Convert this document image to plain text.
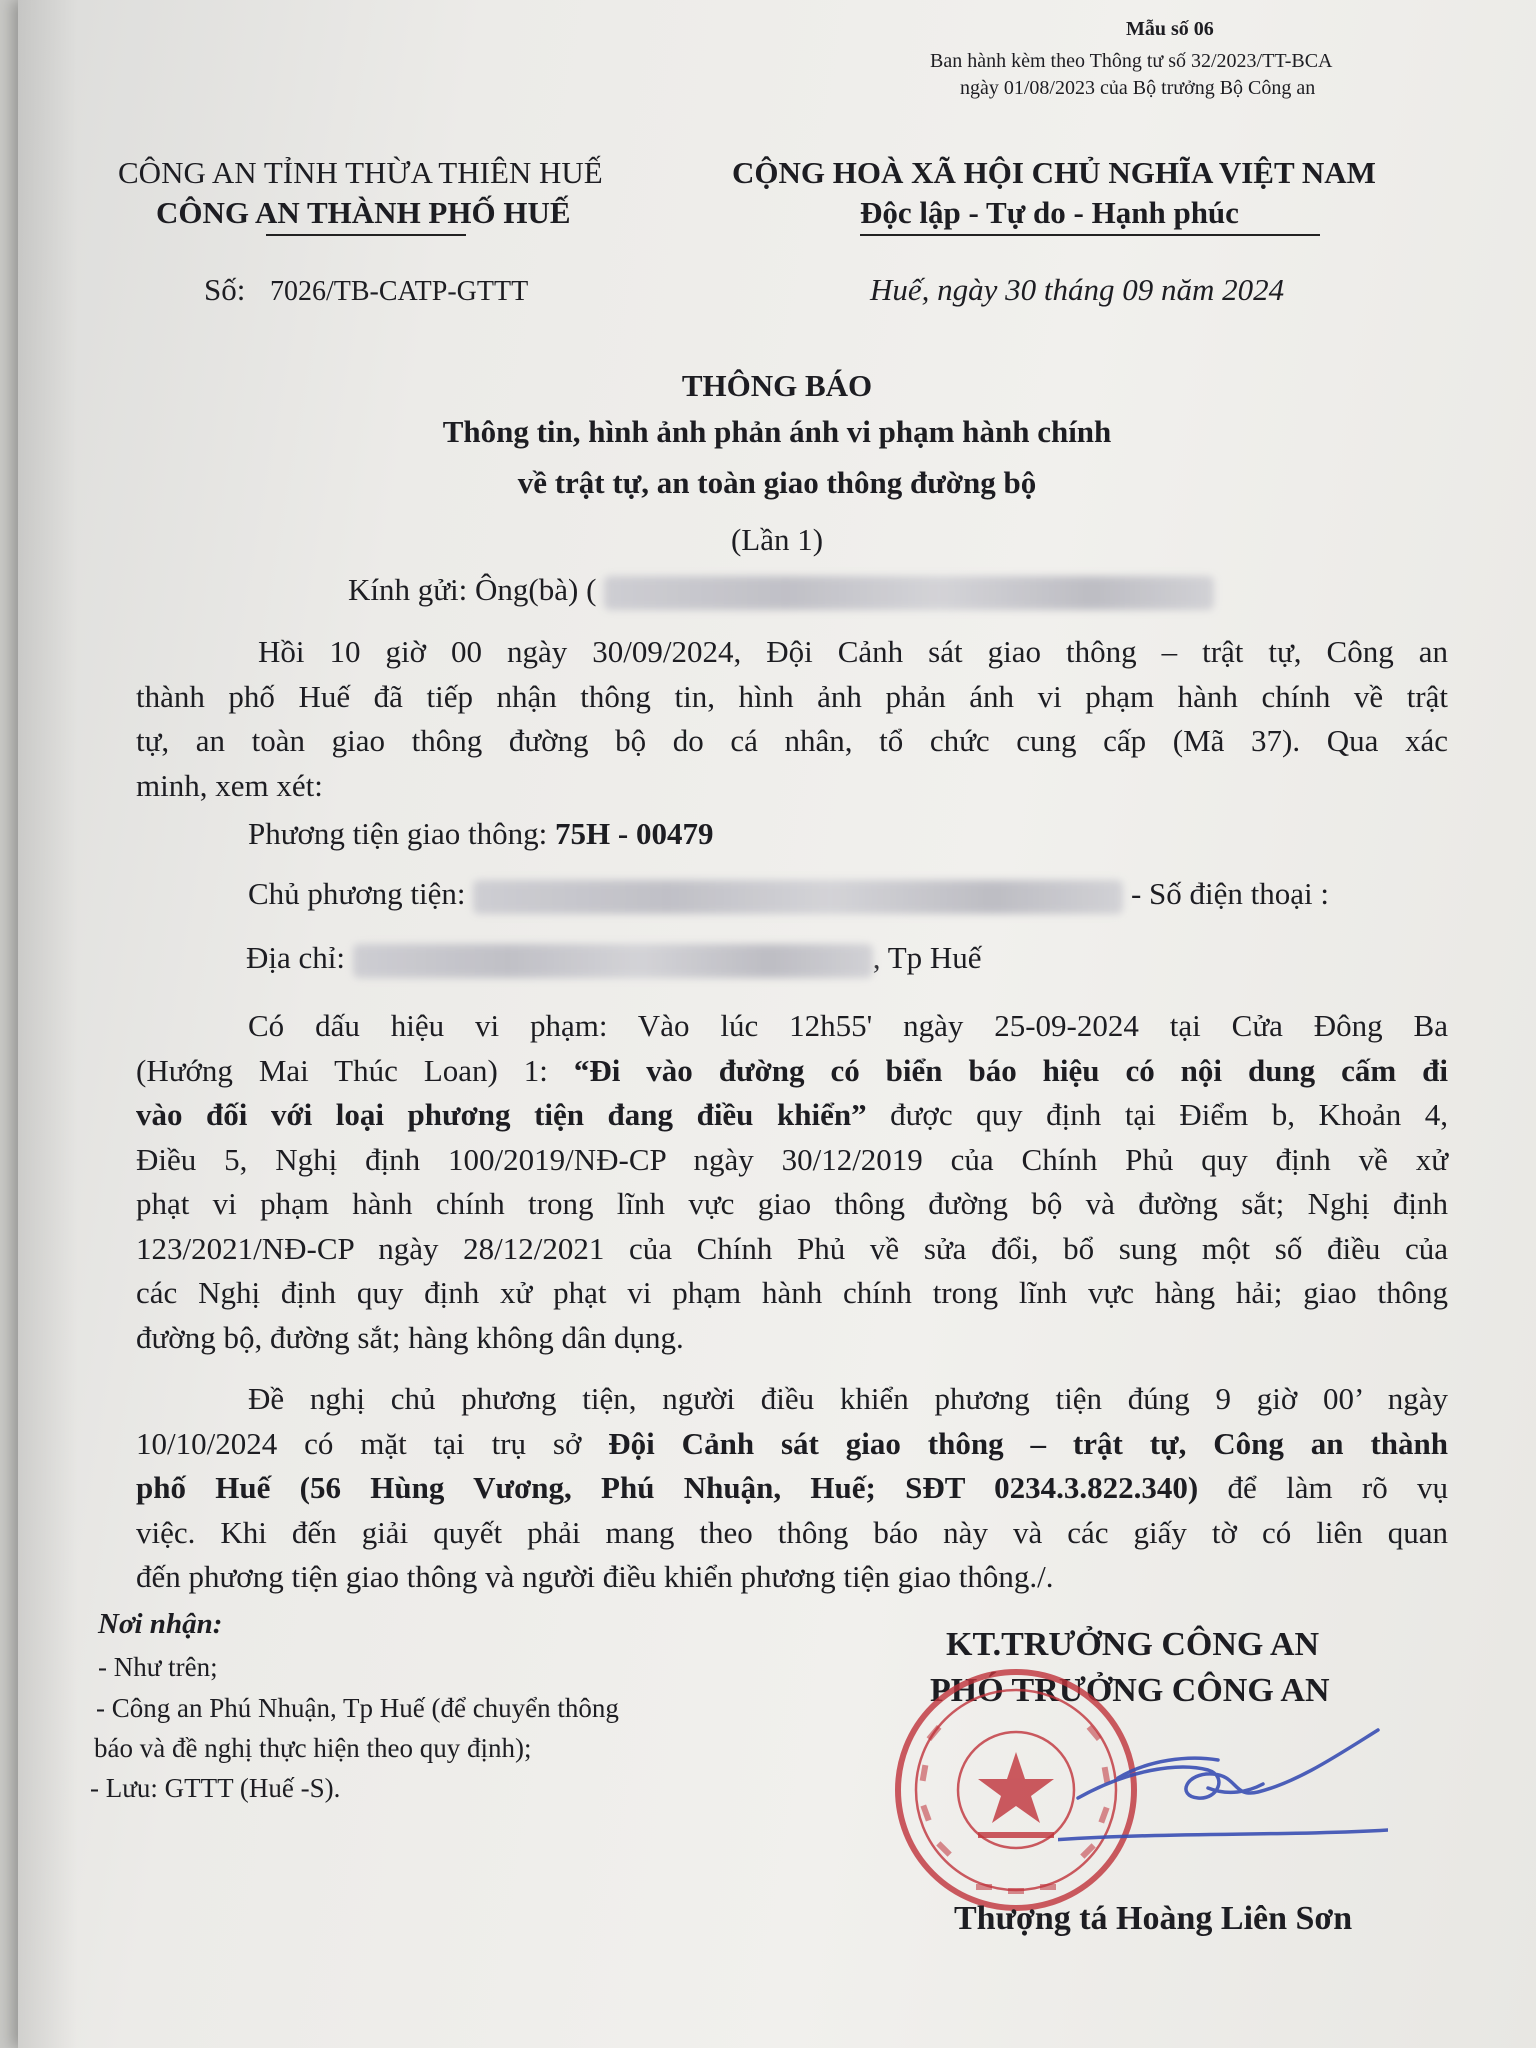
Mẫu số 06
Ban hành kèm theo Thông tư số 32/2023/TT-BCA
ngày 01/08/2023 của Bộ trưởng Bộ Công an
CÔNG AN TỈNH THỪA THIÊN HUẾ
CÔNG AN THÀNH PHỐ HUẾ
Số: 7026/TB-CATP-GTTT
CỘNG HOÀ XÃ HỘI CHỦ NGHĨA VIỆT NAM
Độc lập - Tự do - Hạnh phúc
Huế, ngày 30 tháng 09 năm 2024
THÔNG BÁO
Thông tin, hình ảnh phản ánh vi phạm hành chính
về trật tự, an toàn giao thông đường bộ
(Lần 1)
Kính gửi: Ông(bà) (
Hồi 10 giờ 00 ngày 30/09/2024, Đội Cảnh sát giao thông – trật tự, Công an
thành phố Huế đã tiếp nhận thông tin, hình ảnh phản ánh vi phạm hành chính về trật
tự, an toàn giao thông đường bộ do cá nhân, tổ chức cung cấp (Mã 37). Qua xác
minh, xem xét:
Phương tiện giao thông: 75H - 00479
Chủ phương tiện:	- Số điện thoại :
Địa chỉ:	, Tp Huế
Có dấu hiệu vi phạm: Vào lúc 12h55' ngày 25-09-2024 tại Cửa Đông Ba
(Hướng Mai Thúc Loan) 1: “Đi vào đường có biển báo hiệu có nội dung cấm đi
vào đối với loại phương tiện đang điều khiển” được quy định tại Điểm b, Khoản 4,
Điều 5, Nghị định 100/2019/NĐ-CP ngày 30/12/2019 của Chính Phủ quy định về xử
phạt vi phạm hành chính trong lĩnh vực giao thông đường bộ và đường sắt; Nghị định
123/2021/NĐ-CP ngày 28/12/2021 của Chính Phủ về sửa đổi, bổ sung một số điều của
các Nghị định quy định xử phạt vi phạm hành chính trong lĩnh vực hàng hải; giao thông
đường bộ, đường sắt; hàng không dân dụng.
Đề nghị chủ phương tiện, người điều khiển phương tiện đúng 9 giờ 00’ ngày
10/10/2024 có mặt tại trụ sở Đội Cảnh sát giao thông – trật tự, Công an thành
phố Huế (56 Hùng Vương, Phú Nhuận, Huế; SĐT 0234.3.822.340) để làm rõ vụ
việc. Khi đến giải quyết phải mang theo thông báo này và các giấy tờ có liên quan
đến phương tiện giao thông và người điều khiển phương tiện giao thông./.
Nơi nhận:
- Như trên;
- Công an Phú Nhuận, Tp Huế (để chuyển thông
báo và đề nghị thực hiện theo quy định);
- Lưu: GTTT (Huế -S).
KT.TRƯỞNG CÔNG AN
PHÓ TRƯỞNG CÔNG AN
Thượng tá Hoàng Liên Sơn
